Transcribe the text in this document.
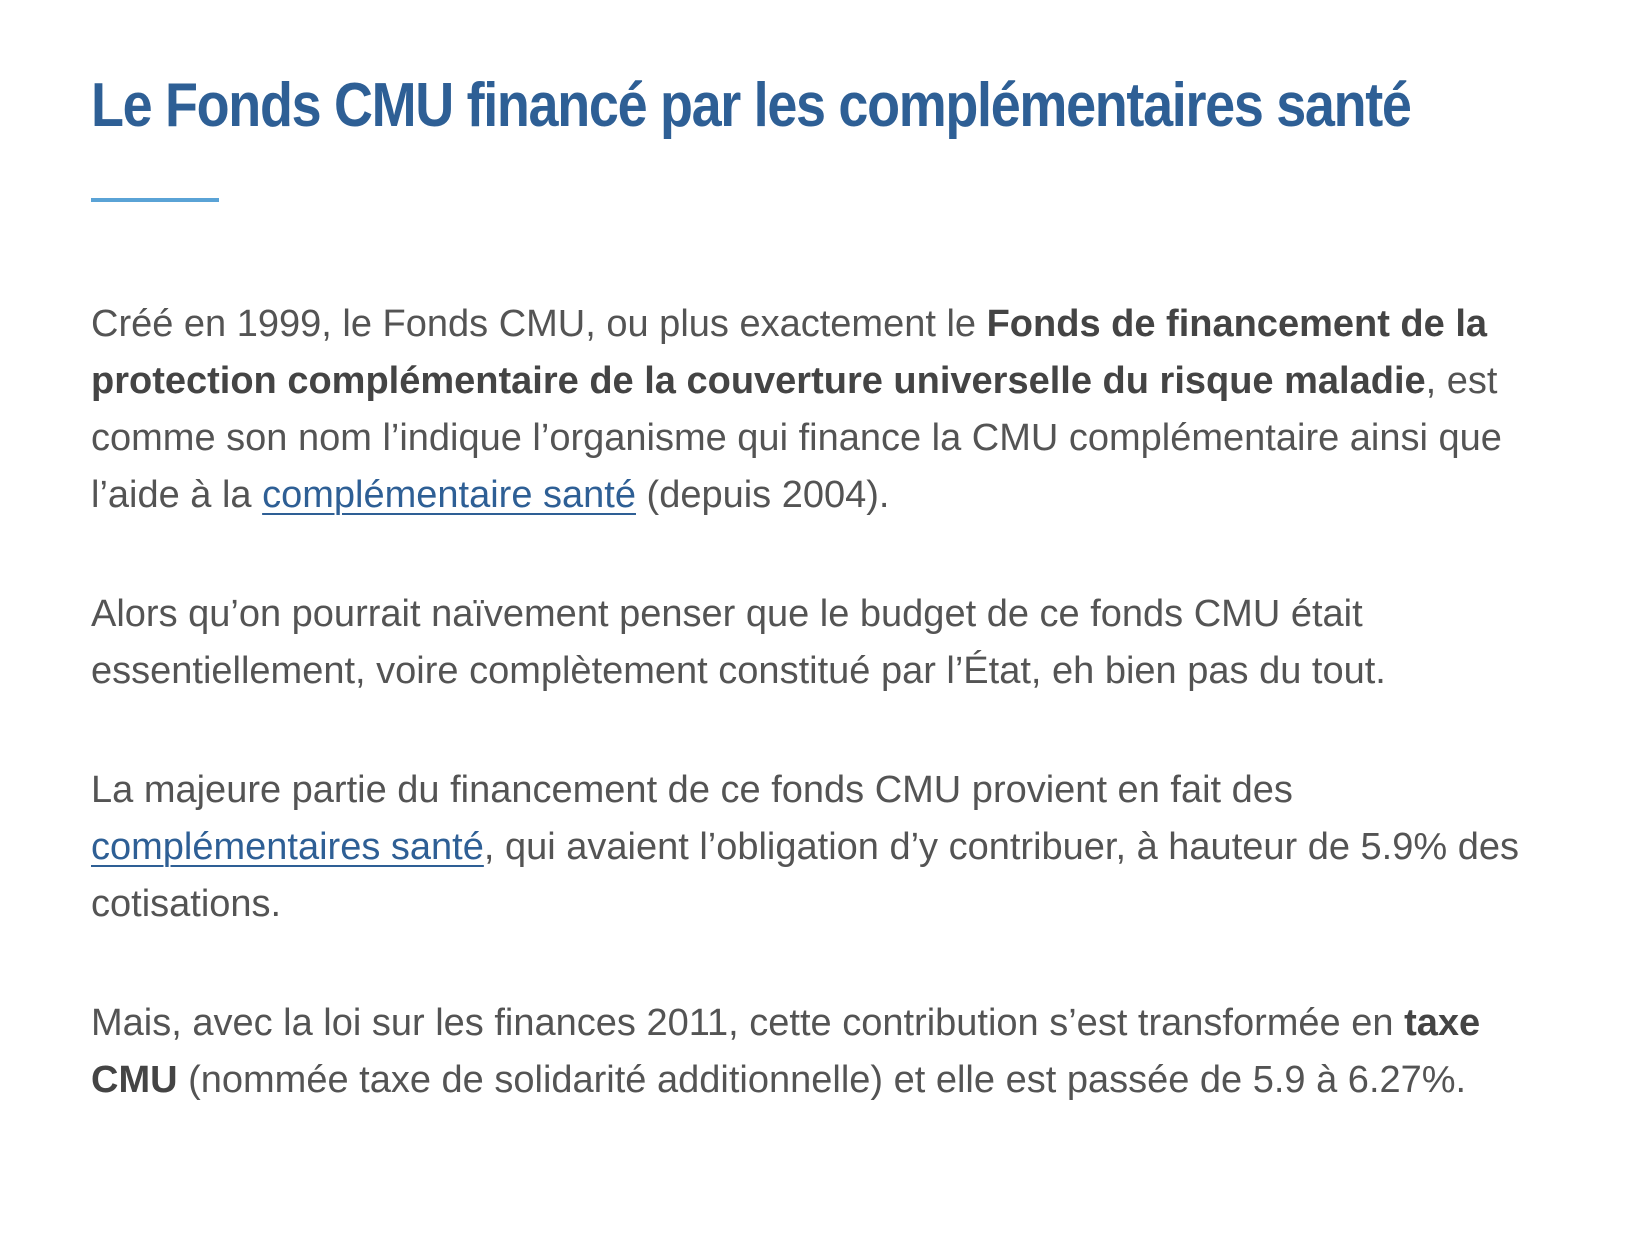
Le Fonds CMU financé par les complémentaires santé

Créé en 1999, le Fonds CMU, ou plus exactement le Fonds de financement de la protection complémentaire de la couverture universelle du risque maladie, est comme son nom l’indique l’organisme qui finance la CMU complémentaire ainsi que l’aide à la complémentaire santé (depuis 2004).

Alors qu’on pourrait naïvement penser que le budget de ce fonds CMU était essentiellement, voire complètement constitué par l’État, eh bien pas du tout.

La majeure partie du financement de ce fonds CMU provient en fait des complémentaires santé, qui avaient l’obligation d’y contribuer, à hauteur de 5.9% des cotisations.

Mais, avec la loi sur les finances 2011, cette contribution s’est transformée en taxe CMU (nommée taxe de solidarité additionnelle) et elle est passée de 5.9 à 6.27%.
